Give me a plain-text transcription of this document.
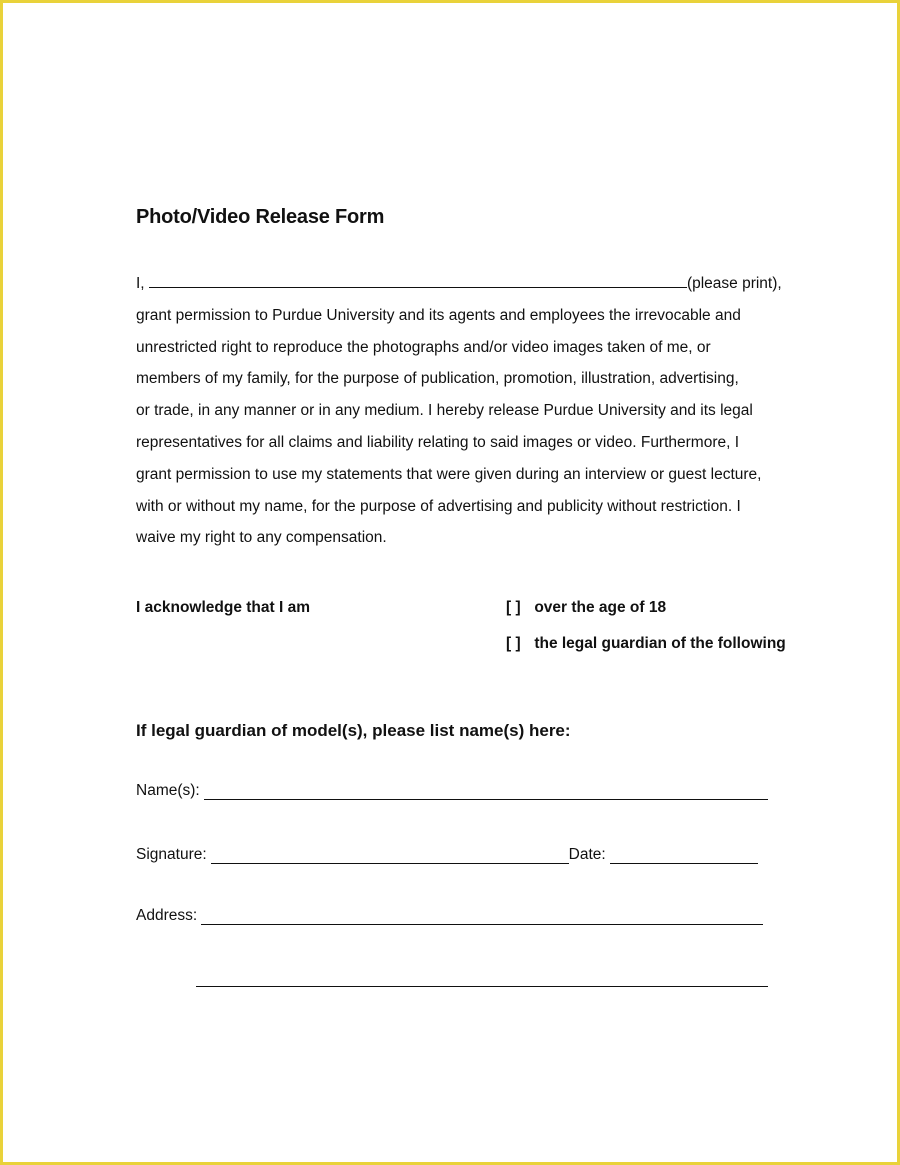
Photo/Video Release Form
I,	(please print),
grant permission to Purdue University and its agents and employees the irrevocable and
unrestricted right to reproduce the photographs and/or video images taken of me, or
members of my family, for the purpose of publication, promotion, illustration, advertising,
or trade, in any manner or in any medium. I hereby release Purdue University and its legal
representatives for all claims and liability relating to said images or video. Furthermore, I
grant permission to use my statements that were given during an interview or guest lecture,
with or without my name, for the purpose of advertising and publicity without restriction. I
waive my right to any compensation.
I acknowledge that I am	[ ] over the age of 18
[ ] the legal guardian of the following
If legal guardian of model(s), please list name(s) here:
Name(s):
Signature:	Date:
Address:
